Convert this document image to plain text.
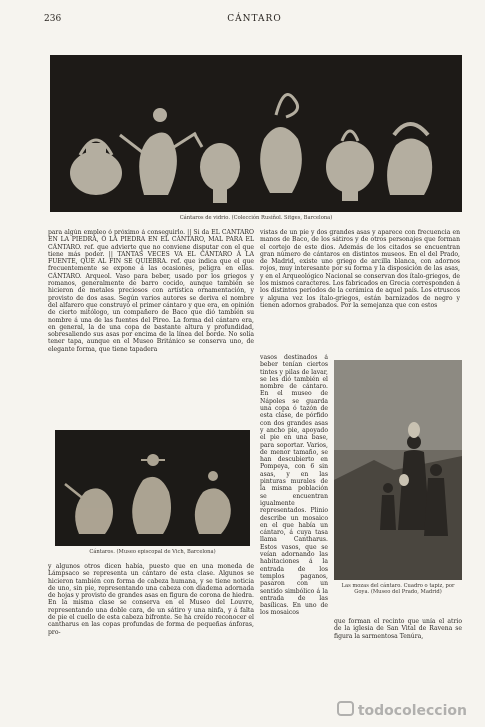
236	CÁNTARO
Cántaros de vidrio. (Colección Rusiñol. Sitges, Barcelona)

para algún empleo ó próximo á conseguirlo. || Si da EL CÁNTARO EN LA PIEDRA, Ó LA PIEDRA EN EL CÁNTARO, MAL PARA EL CÁNTARO. ref. que advierte que no conviene disputar con el que tiene más poder. || TANTAS VECES VA EL CÁNTARO Á LA FUENTE, QUE AL FIN SE QUIEBRA. ref. que indica que el que frecuentemente se expone á las ocasiones, peligra en ellas. CÁNTARO. Arqueol. Vaso para beber, usado por los griegos y romanos, generalmente de barro cocido, aunque también se hicieron de metales preciosos con artística ornamentación, y provisto de dos asas. Según varios autores se deriva el nombre del alfarero que construyó el primer cántaro y que era, en opinión de cierto mitólogo, un compañero de Baco que dió también su nombre á una de las fuentes del Pireo. La forma del cántaro era, en general, la de una copa de bastante altura y profundidad, sobresaliendo sus asas por encima de la línea del borde. No solía tener tapa, aunque en el Museo Británico se conserva uno, de elegante forma, que tiene tapadera

Cántaros. (Museo episcopal de Vich, Barcelona)

y algunos otros dicen había, puesto que en una moneda de Lámpsaco se representa un cántaro de esta clase. Algunos se hicieron también con forma de cabeza humana, y se tiene noticia de uno, sin pie, representando una cabeza con diadema adornada de hojas y provisto de grandes asas en figura de corona de hiedra. En la misma clase se conserva en el Museo del Louvre, representando una doble cara, de un sátiro y una ninfa, y á falta de pie el cuello de esta cabeza bifronte. Se ha creído reconocer el cantharus en las copas profundas de forma de pequeñas ánforas, pro-

vistas de un pie y dos grandes asas y aparece con frecuencia en manos de Baco, de los sátiros y de otros personajes que forman el cortejo de este dios. Además de los citados se encuentran gran número de cántaros en distintos museos. En el del Prado, de Madrid, existe uno griego de arcilla blanca, con adornos rojos, muy interesante por su forma y la disposición de las asas, y en el Arqueológico Nacional se conservan dos ítalo-griegos, de los mismos caracteres. Los fabricados en Grecia corresponden á los distintos períodos de la cerámica de aquel país. Los etruscos y alguna vez los ítalo-griegos, están barnizados de negro y tienen adornos grabados. Por la semejanza que con estos

vasos destinados á beber tenían ciertos tintes y pilas de lavar, se les dió también el nombre de cántaro. En el museo de Nápoles se guarda una copa ó tazón de esta clase, de pórfido con dos grandes asas y ancho pie, apoyado el pie en una base, para soportar. Varios, de menor tamaño, se han descubierto en Pompeya, con 6 sin asas, y en las pinturas murales de la misma población se encuentran igualmente representados. Plinio describe un mosaico en el que había un cántaro, á cuya tasa llama Cantharus. Estos vasos, que se veían adornando las habitaciones á la entrada de los templos paganos, pasaron con un sentido simbólico á la entrada de las basílicas. En uno de los mosaicos

Las mozas del cántaro. Cuadro o tapiz, por Goya. (Museo del Prado, Madrid)

que forman el recinto que unía el atrio de la iglesia de San Vital de Ravena se figura la sarmentosa Tenúra,

todocoleccion
